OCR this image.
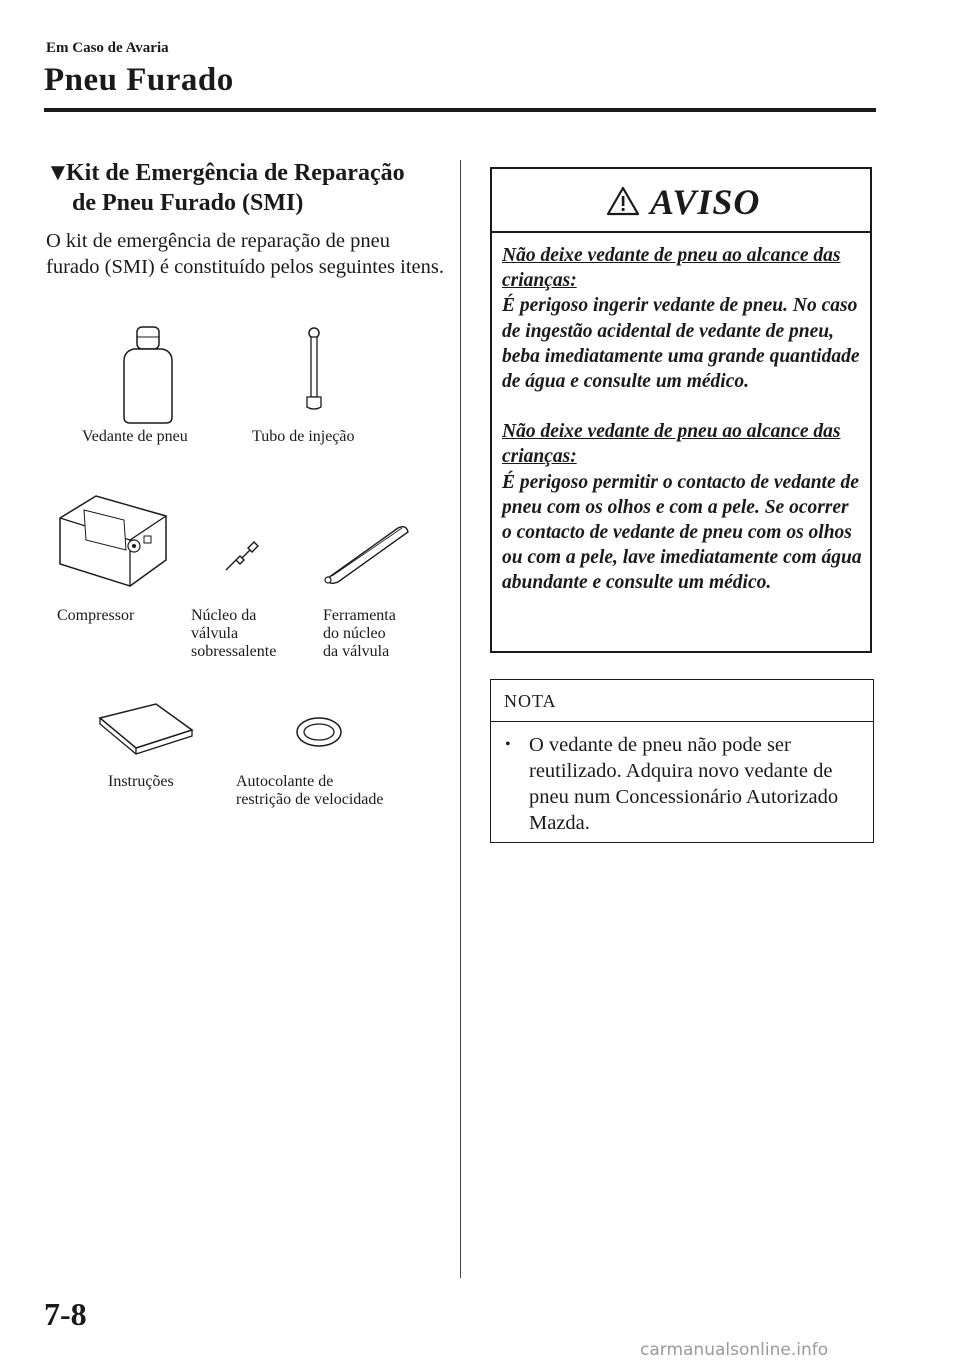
Em Caso de Avaria
Pneu Furado
▼Kit de Emergência de Reparação
de Pneu Furado (SMI)
O kit de emergência de reparação de pneu furado (SMI) é constituído pelos seguintes itens.
Vedante de pneu	Tubo de injeção
Compressor	Núcleo da
válvula
sobressalente
Ferramenta
do núcleo
da válvula
Instruções	Autocolante de
restrição de velocidade
AVISO

Não deixe vedante de pneu ao alcance das crianças:

É perigoso ingerir vedante de pneu. No caso de ingestão acidental de vedante de pneu, beba imediatamente uma grande quantidade de água e consulte um médico.

Não deixe vedante de pneu ao alcance das crianças:

É perigoso permitir o contacto de vedante de pneu com os olhos e com a pele. Se ocorrer o contacto de vedante de pneu com os olhos ou com a pele, lave imediatamente com água abundante e consulte um médico.

NOTA
• O vedante de pneu não pode ser reutilizado. Adquira novo vedante de pneu num Concessionário Autorizado Mazda.
7-8
carmanualsonline.info
